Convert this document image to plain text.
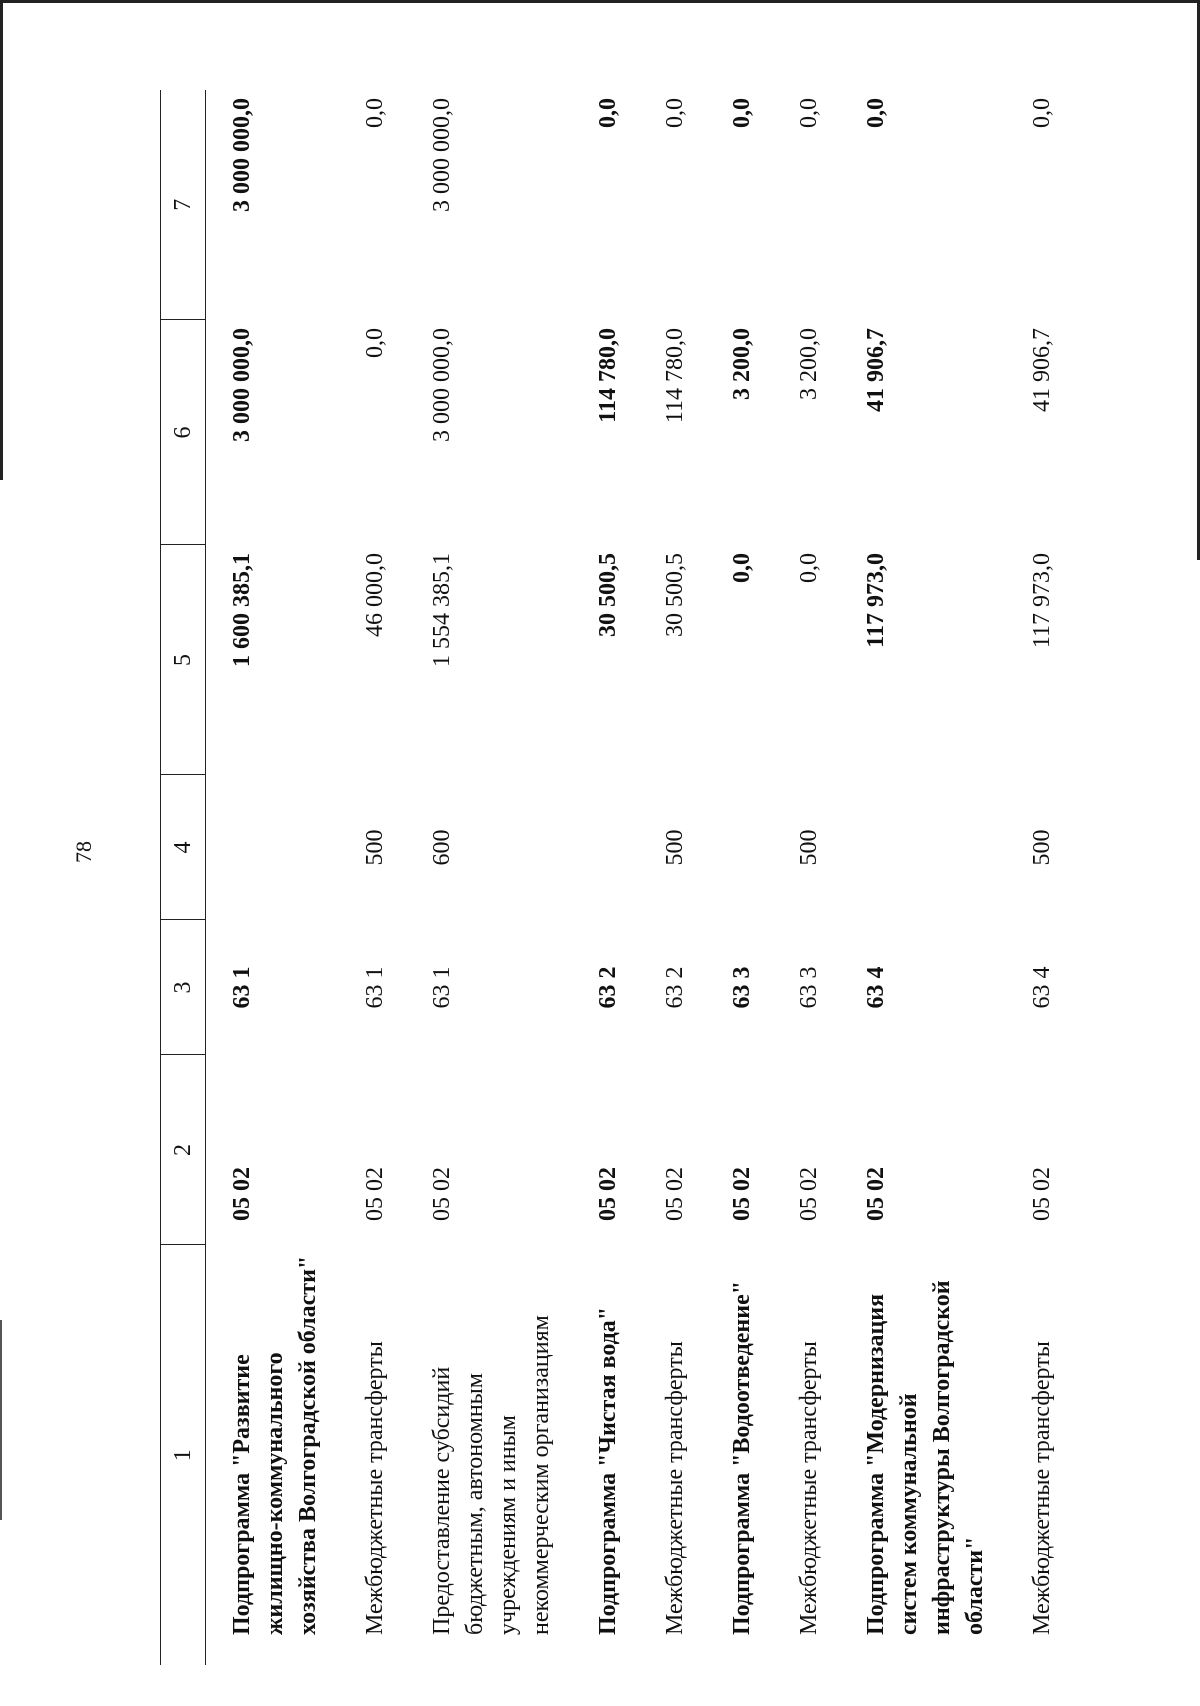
78
1	2	3	4	5	6	7
Подпрограмма "Развитие жилищно-коммунального хозяйства Волгоградской области"	05 02	63 1		1 600 385,1	3 000 000,0	3 000 000,0
Межбюджетные трансферты	05 02	63 1	500	46 000,0	0,0	0,0
Предоставление субсидий бюджетным, автономным учреждениям и иным некоммерческим организациям	05 02	63 1	600	1 554 385,1	3 000 000,0	3 000 000,0
Подпрограмма "Чистая вода"	05 02	63 2		30 500,5	114 780,0	0,0
Межбюджетные трансферты	05 02	63 2	500	30 500,5	114 780,0	0,0
Подпрограмма "Водоотведение"	05 02	63 3		0,0	3 200,0	0,0
Межбюджетные трансферты	05 02	63 3	500	0,0	3 200,0	0,0
Подпрограмма "Модернизация систем коммунальной инфраструктуры Волгоградской области"	05 02	63 4		117 973,0	41 906,7	0,0
Межбюджетные трансферты	05 02	63 4	500	117 973,0	41 906,7	0,0
